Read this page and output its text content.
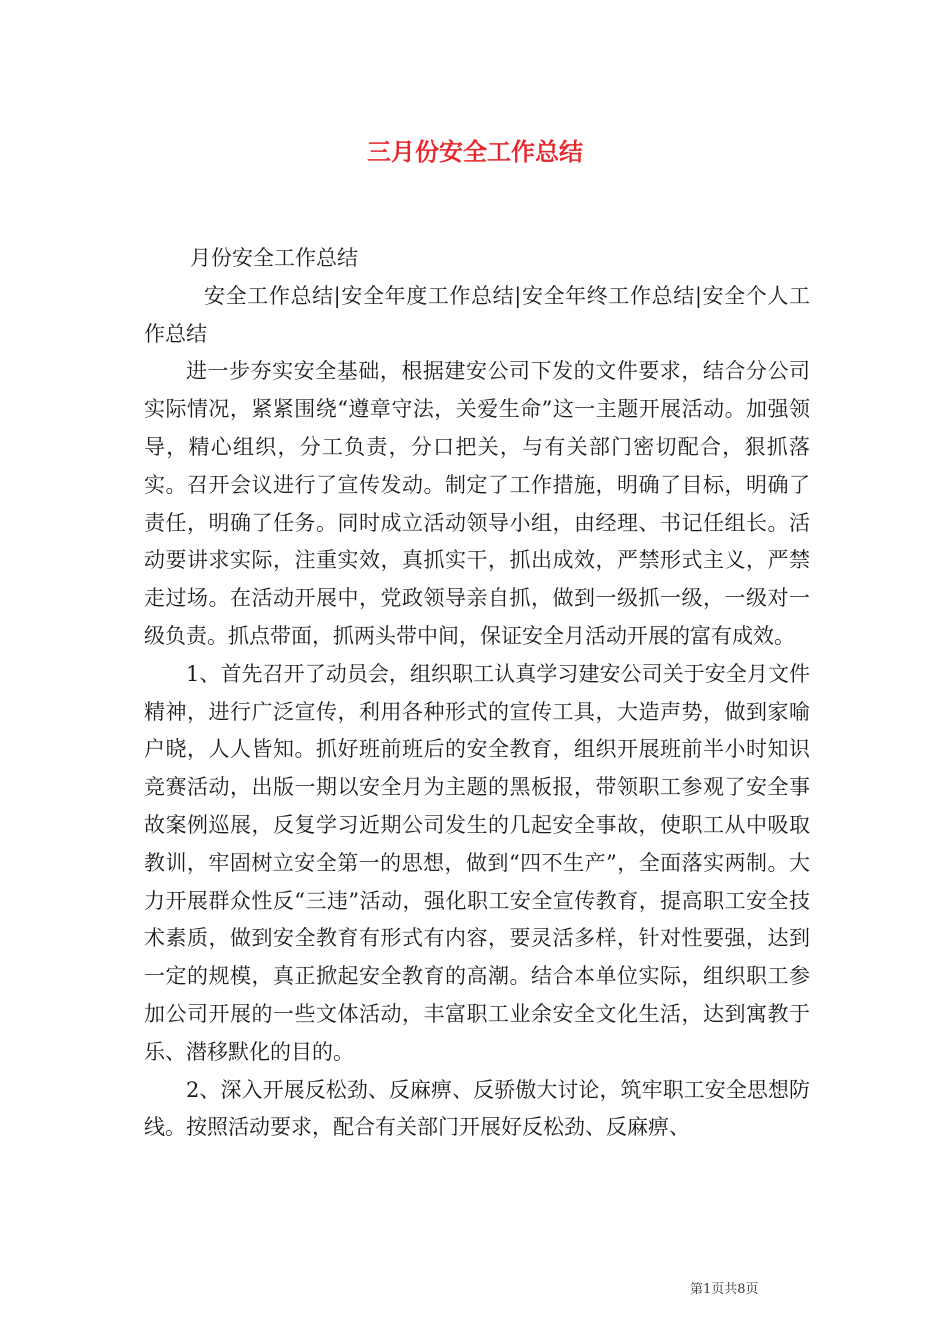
三月份安全工作总结

月份安全工作总结

安全工作总结|安全年度工作总结|安全年终工作总结|安全个人工作总结

进一步夯实安全基础，根据建安公司下发的文件要求，结合分公司实际情况，紧紧围绕“遵章守法，关爱生命”这一主题开展活动。加强领导，精心组织，分工负责，分口把关，与有关部门密切配合，狠抓落实。召开会议进行了宣传发动。制定了工作措施，明确了目标，明确了责任，明确了任务。同时成立活动领导小组，由经理、书记任组长。活动要讲求实际，注重实效，真抓实干，抓出成效，严禁形式主义，严禁走过场。在活动开展中，党政领导亲自抓，做到一级抓一级，一级对一级负责。抓点带面，抓两头带中间，保证安全月活动开展的富有成效。

1、首先召开了动员会，组织职工认真学习建安公司关于安全月文件精神，进行广泛宣传，利用各种形式的宣传工具，大造声势，做到家喻户晓，人人皆知。抓好班前班后的安全教育，组织开展班前半小时知识竞赛活动，出版一期以安全月为主题的黑板报，带领职工参观了安全事故案例巡展，反复学习近期公司发生的几起安全事故，使职工从中吸取教训，牢固树立安全第一的思想，做到“四不生产”，全面落实两制。大力开展群众性反“三违”活动，强化职工安全宣传教育，提高职工安全技术素质，做到安全教育有形式有内容，要灵活多样，针对性要强，达到一定的规模，真正掀起安全教育的高潮。结合本单位实际，组织职工参加公司开展的一些文体活动，丰富职工业余安全文化生活，达到寓教于乐、潜移默化的目的。

2、深入开展反松劲、反麻痹、反骄傲大讨论，筑牢职工安全思想防线。按照活动要求，配合有关部门开展好反松劲、反麻痹、

第1页共8页
